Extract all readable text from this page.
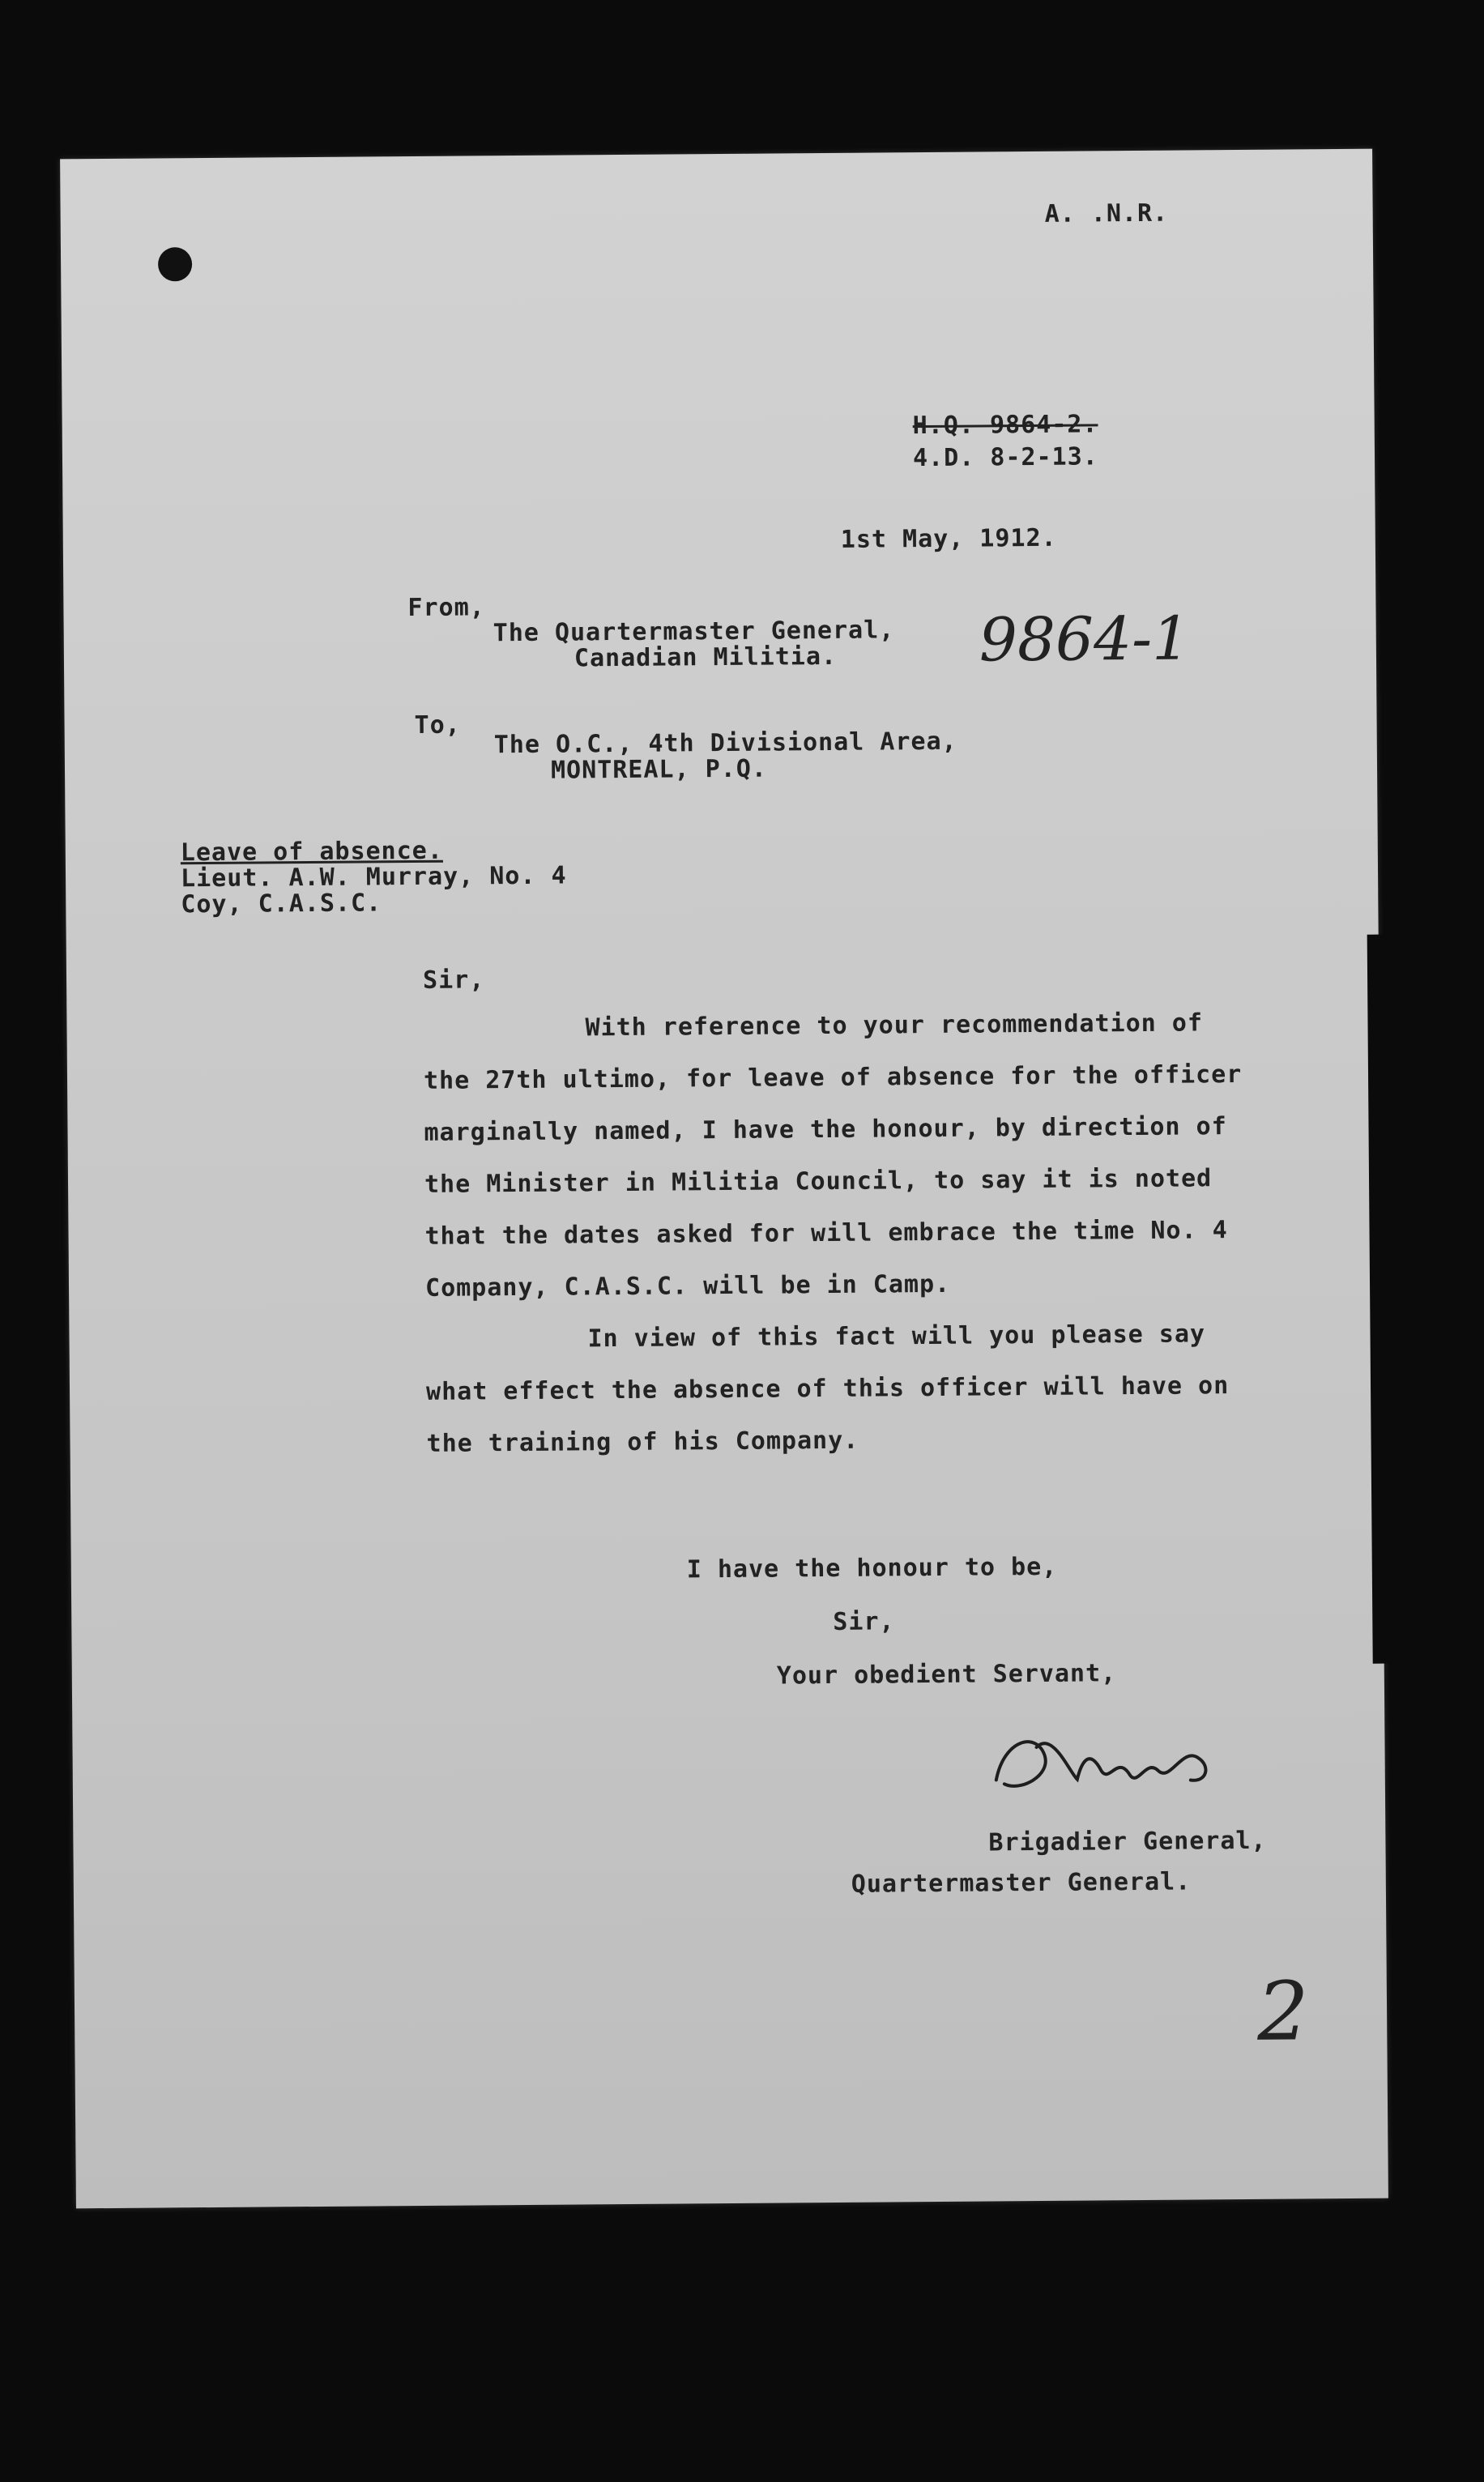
A. .N.R.
H.Q. 9864-2.
4.D. 8-2-13.
1st May, 1912.
From,
The Quartermaster General,
Canadian Militia. 9864-1
To,
The O.C., 4th Divisional Area,
MONTREAL, P.Q.
Leave of absence.
Lieut. A.W. Murray, No. 4
Coy, C.A.S.C.
Sir,
With reference to your recommendation of
the 27th ultimo, for leave of absence for the officer
marginally named, I have the honour, by direction of
the Minister in Militia Council, to say it is noted
that the dates asked for will embrace the time No. 4
Company, C.A.S.C. will be in Camp.
In view of this fact will you please say
what effect the absence of this officer will have on
the training of his Company.
I have the honour to be,
Sir,
Your obedient Servant,
Brigadier General,
Quartermaster General.
2
